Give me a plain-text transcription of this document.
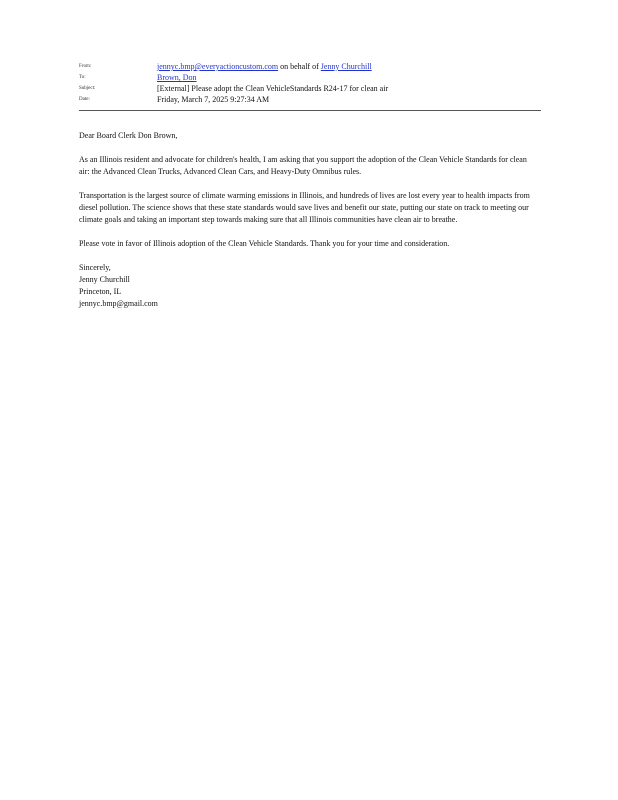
From:	jennyc.bmp@everyactioncustom.com on behalf of Jenny Churchill
To:	Brown, Don
Subject:	[External] Please adopt the Clean VehicleStandards R24-17 for clean air
Date:	Friday, March 7, 2025 9:27:34 AM

Dear Board Clerk Don Brown,

As an Illinois resident and advocate for children's health, I am asking that you support the adoption of the Clean Vehicle Standards for clean air: the Advanced Clean Trucks, Advanced Clean Cars, and Heavy-Duty Omnibus rules.

Transportation is the largest source of climate warming emissions in Illinois, and hundreds of lives are lost every year to health impacts from diesel pollution. The science shows that these state standards would save lives and benefit our state, putting our state on track to meeting our climate goals and taking an important step towards making sure that all Illinois communities have clean air to breathe.

Please vote in favor of Illinois adoption of the Clean Vehicle Standards. Thank you for your time and consideration.

Sincerely,
Jenny Churchill
Princeton, IL
jennyc.bmp@gmail.com
